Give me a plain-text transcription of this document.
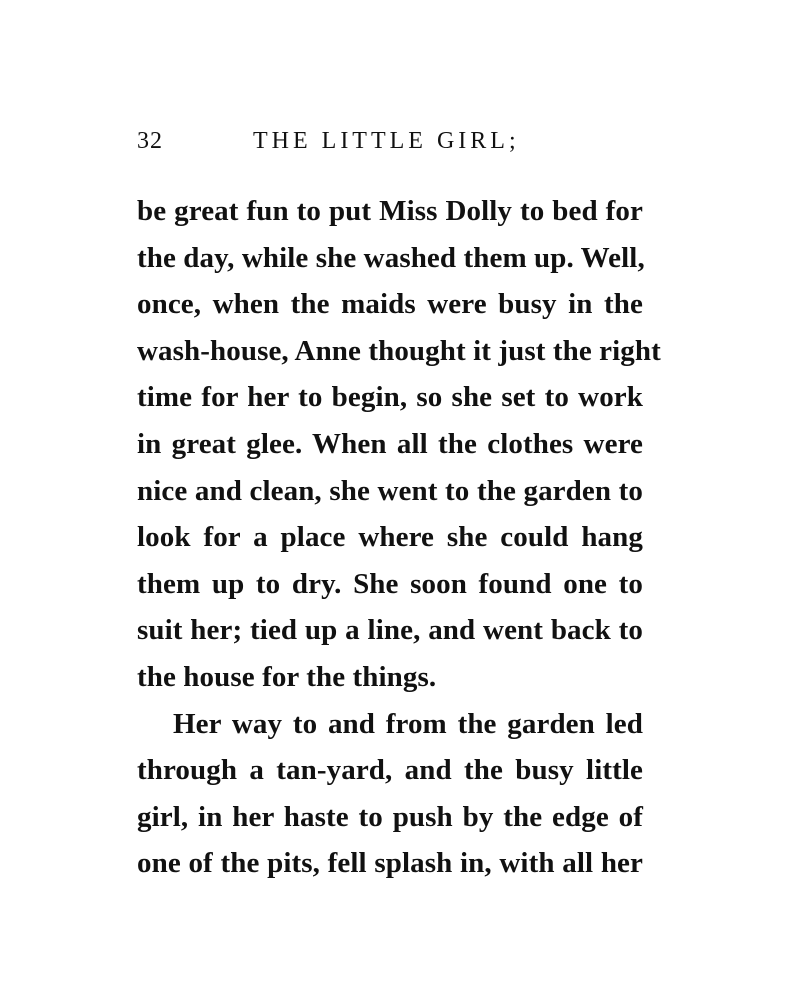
32	THE LITTLE GIRL;
be great fun to put Miss Dolly to bed for
the day, while she washed them up. Well,
once, when the maids were busy in the
wash-house, Anne thought it just the right
time for her to begin, so she set to work
in great glee. When all the clothes were
nice and clean, she went to the garden to
look for a place where she could hang
them up to dry. She soon found one to
suit her; tied up a line, and went back to
the house for the things.
Her way to and from the garden led
through a tan-yard, and the busy little
girl, in her haste to push by the edge of
one of the pits, fell splash in, with all her
